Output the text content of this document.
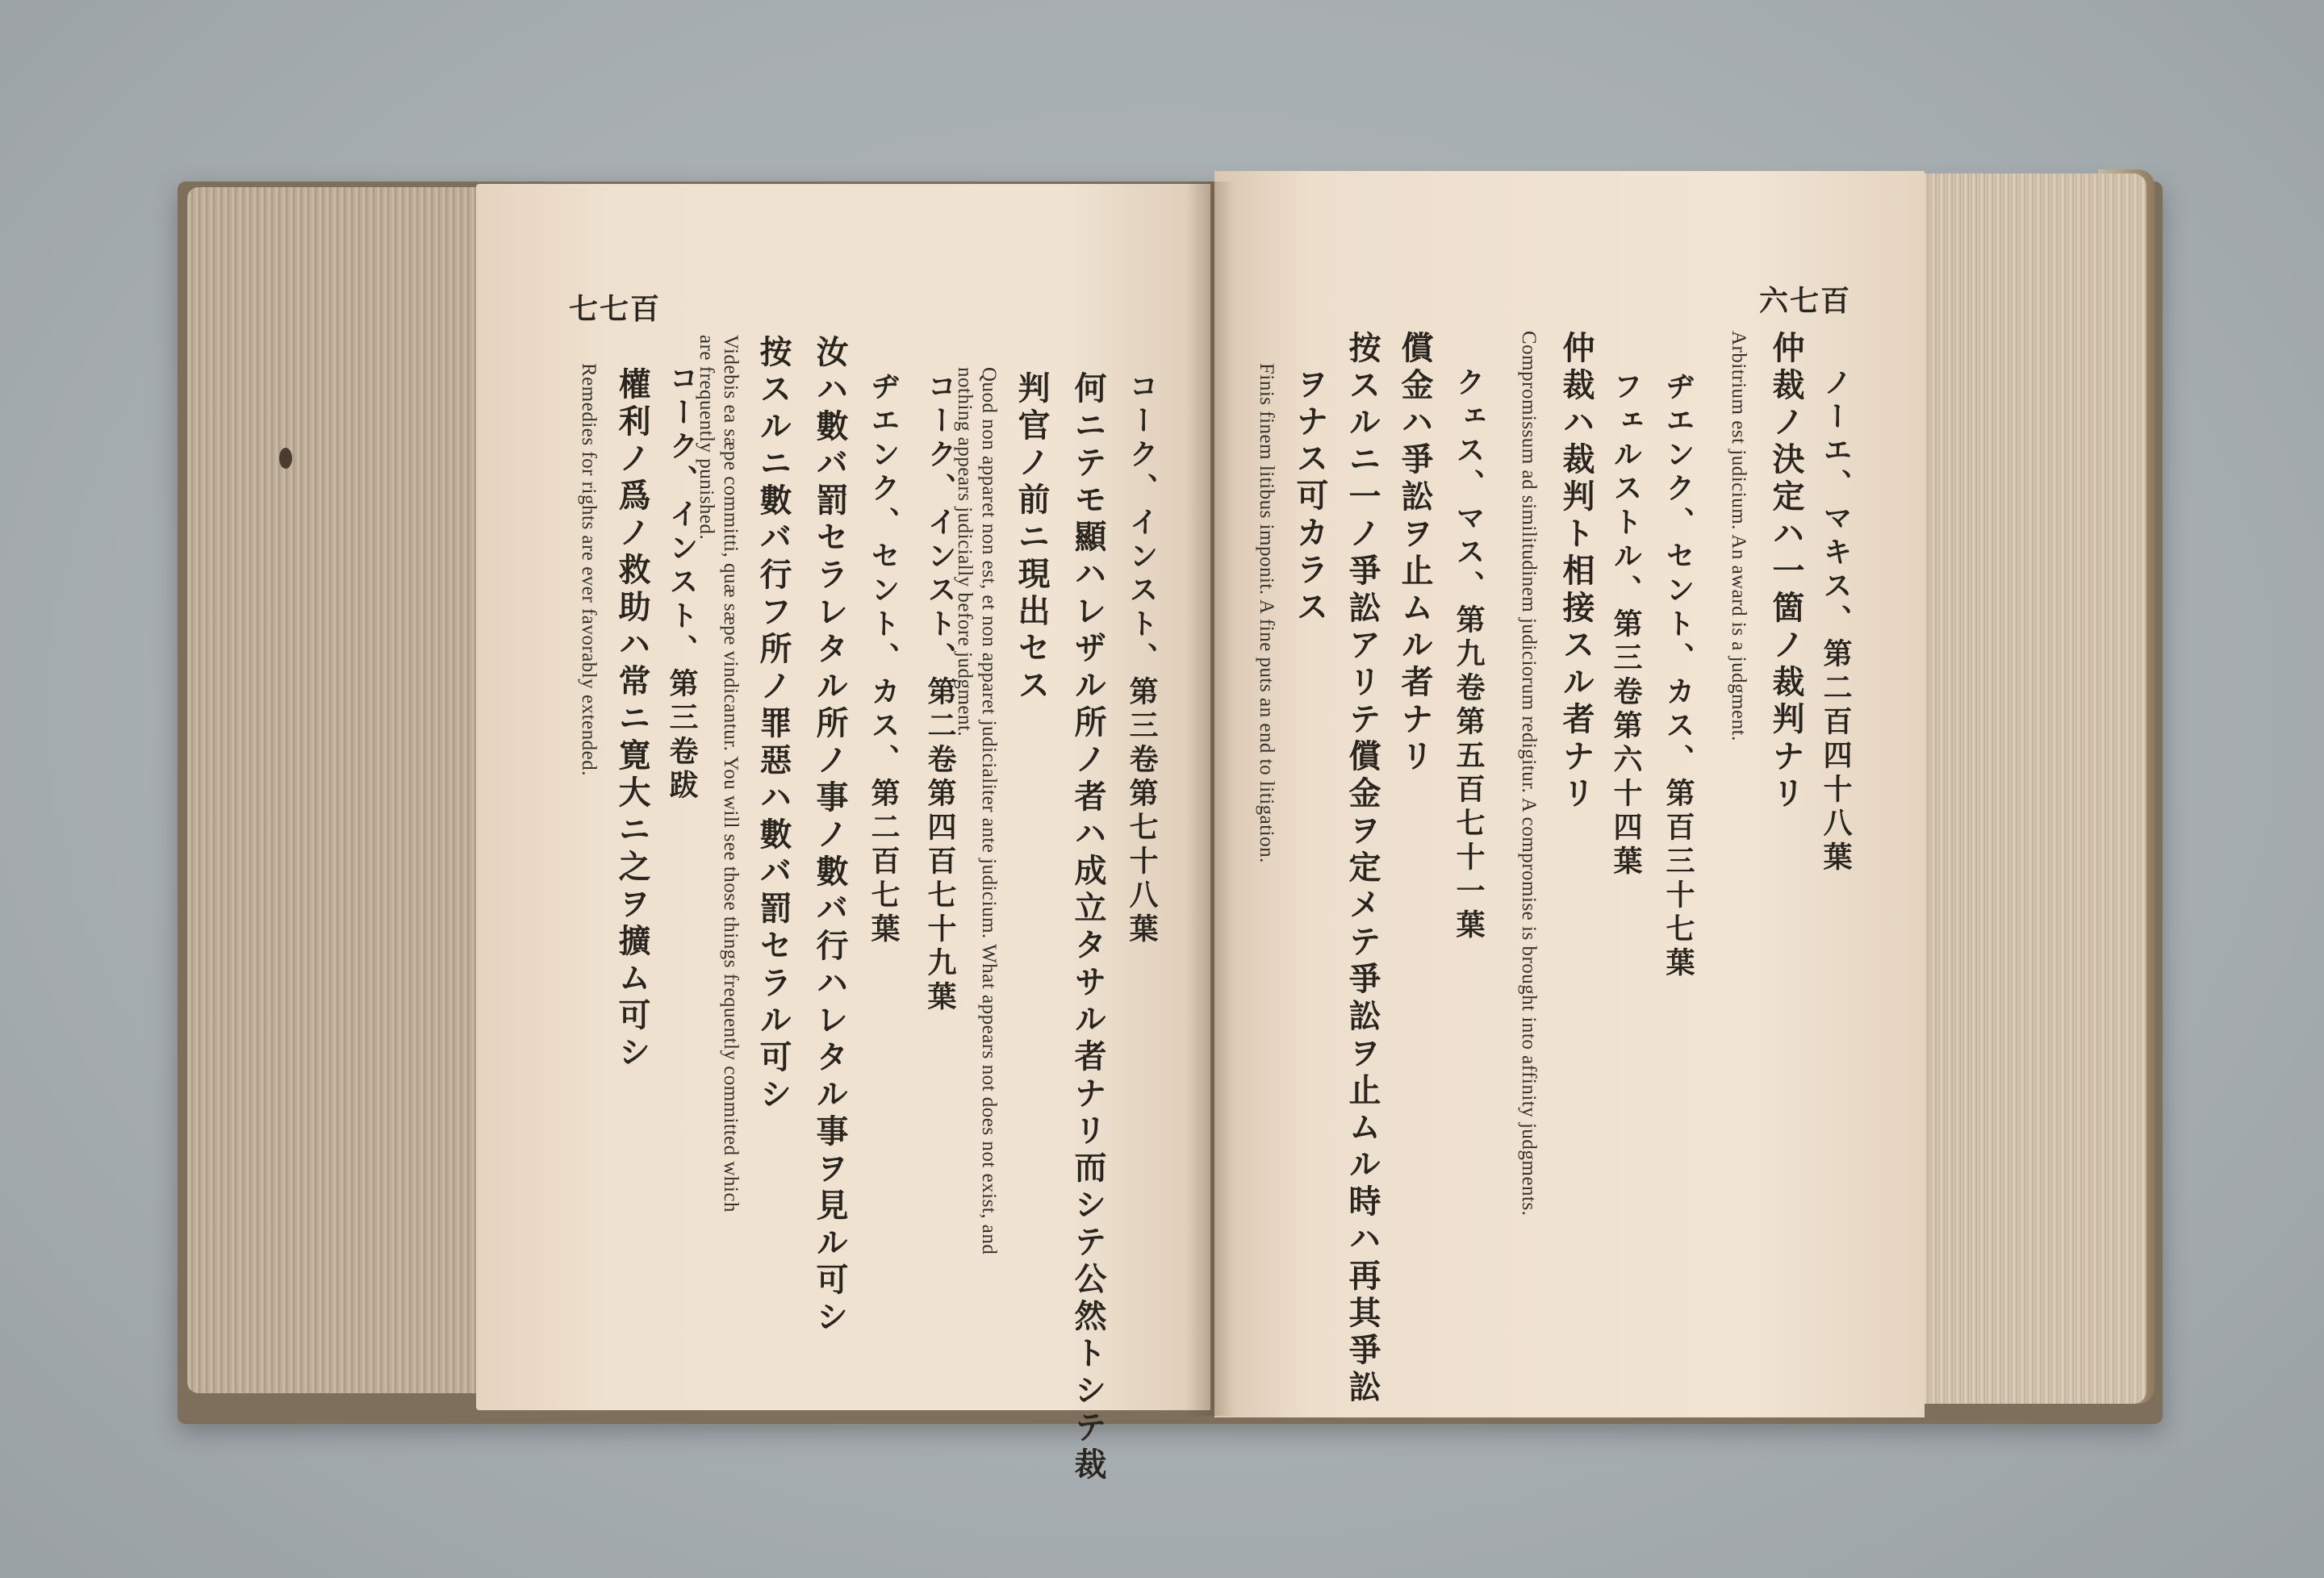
七七百	六七百
コーク、インスト、第三卷第七十八葉
何ニテモ顯ハレザル所ノ者ハ成立タサル者ナリ而シテ公然トシテ裁
判官ノ前ニ現出セス
Quod non apparet non est, et non apparet judicialiter ante judicium. What appears not does not exist, and
nothing appears judicially before judgment.
コーク、インスト、第二卷第四百七十九葉
ヂエンク、セント、カス、第二百七葉
汝ハ數バ罰セラレタル所ノ事ノ數バ行ハレタル事ヲ見ル可シ
按スルニ數バ行フ所ノ罪惡ハ數バ罰セラル可シ
Videbis ea sæpe committi, quæ sæpe vindicantur. You will see those things frequently committed which
are frequently punished.
コーク、インスト、第三卷跋
權利ノ爲ノ救助ハ常ニ寛大ニ之ヲ擴ム可シ
Remedies for rights are ever favorably extended.	ノーエ、マキス、第二百四十八葉
仲裁ノ決定ハ一箇ノ裁判ナリ
Arbitrium est judicium. An award is a judgment.
ヂエンク、セント、カス、第百三十七葉
フェルストル、第三卷第六十四葉
仲裁ハ裁判ト相接スル者ナリ
Compromissum ad similitudinem judiciorum redigitur. A compromise is brought into affinity judgments.
クェス、マス、第九卷第五百七十一葉
償金ハ爭訟ヲ止ムル者ナリ
按スルニ一ノ爭訟アリテ償金ヲ定メテ爭訟ヲ止ムル時ハ再其爭訟
ヲナス可カラス
Finis finem litibus imponit. A fine puts an end to litigation.
